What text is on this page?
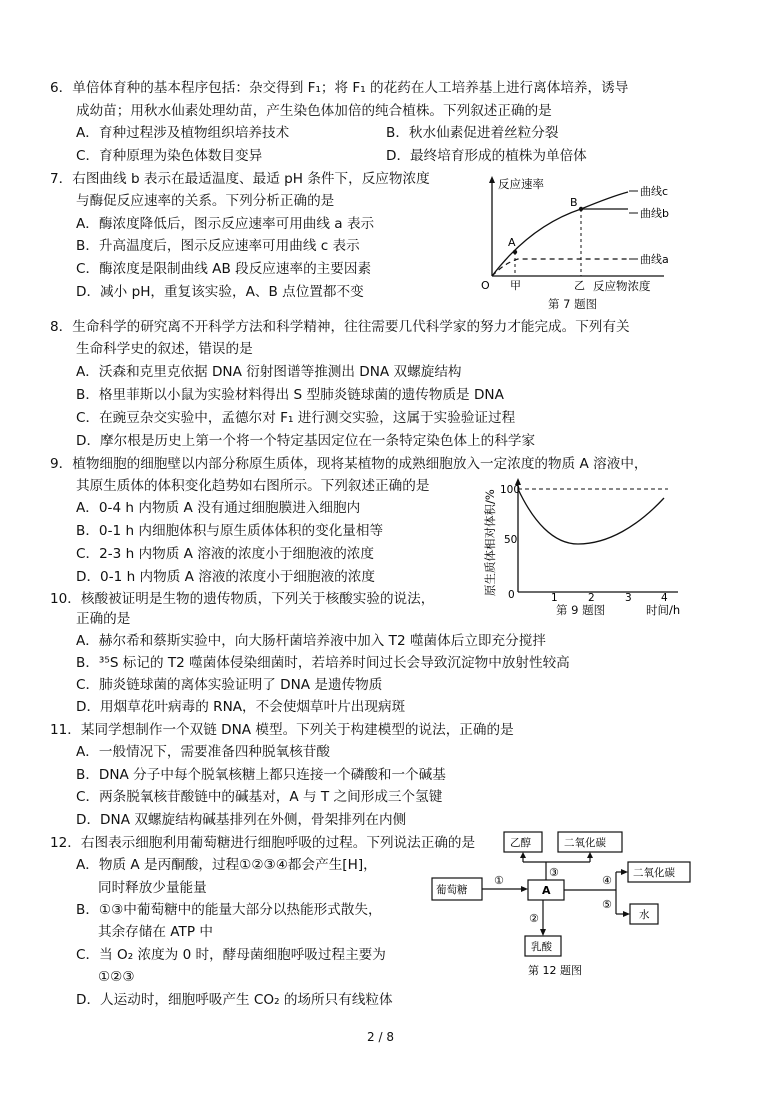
6．单倍体育种的基本程序包括：杂交得到 F₁；将 F₁ 的花药在人工培养基上进行离体培养，诱导
成幼苗；用秋水仙素处理幼苗，产生染色体加倍的纯合植株。下列叙述正确的是
A．育种过程涉及植物组织培养技术	B．秋水仙素促进着丝粒分裂
C．育种原理为染色体数目变异	D．最终培育形成的植株为单倍体
7．右图曲线 b 表示在最适温度、最适 pH 条件下，反应物浓度
与酶促反应速率的关系。下列分析正确的是
A．酶浓度降低后，图示反应速率可用曲线 a 表示
B．升高温度后，图示反应速率可用曲线 c 表示
C．酶浓度是限制曲线 AB 段反应速率的主要因素
D．减小 pH，重复该实验，A、B 点位置都不变
反应速率
O 甲	乙 反应物浓度
A
B
曲线c
曲线b
曲线a
第 7 题图
8．生命科学的研究离不开科学方法和科学精神，往往需要几代科学家的努力才能完成。下列有关
生命科学史的叙述，错误的是
A．沃森和克里克依据 DNA 衍射图谱等推测出 DNA 双螺旋结构
B．格里菲斯以小鼠为实验材料得出 S 型肺炎链球菌的遗传物质是 DNA
C．在豌豆杂交实验中，孟德尔对 F₁ 进行测交实验，这属于实验验证过程
D．摩尔根是历史上第一个将一个特定基因定位在一条特定染色体上的科学家
9．植物细胞的细胞壁以内部分称原生质体，现将某植物的成熟细胞放入一定浓度的物质 A 溶液中，
其原生质体的体积变化趋势如右图所示。下列叙述正确的是
A．0-4 h 内物质 A 没有通过细胞膜进入细胞内
B．0-1 h 内细胞体积与原生质体体积的变化量相等
C．2-3 h 内物质 A 溶液的浓度小于细胞液的浓度
D．0-1 h 内物质 A 溶液的浓度小于细胞液的浓度	原生质体相对体积/% 100
50
0	1	2	3	4
时间/h
第 9 题图
10．核酸被证明是生物的遗传物质，下列关于核酸实验的说法，
正确的是
A．赫尔希和蔡斯实验中，向大肠杆菌培养液中加入 T2 噬菌体后立即充分搅拌
B．³⁵S 标记的 T2 噬菌体侵染细菌时，若培养时间过长会导致沉淀物中放射性较高
C．肺炎链球菌的离体实验证明了 DNA 是遗传物质
D．用烟草花叶病毒的 RNA，不会使烟草叶片出现病斑
11．某同学想制作一个双链 DNA 模型。下列关于构建模型的说法，正确的是
A．一般情况下，需要准备四种脱氧核苷酸
B．DNA 分子中每个脱氧核糖上都只连接一个磷酸和一个碱基
C．两条脱氧核苷酸链中的碱基对，A 与 T 之间形成三个氢键
D．DNA 双螺旋结构碱基排列在外侧，骨架排列在内侧
12．右图表示细胞利用葡萄糖进行细胞呼吸的过程。下列说法正确的是
A．物质 A 是丙酮酸，过程①②③④都会产生[H]，
同时释放少量能量
B．①③中葡萄糖中的能量大部分以热能形式散失，
其余存储在 ATP 中
C．当 O₂ 浓度为 0 时，酵母菌细胞呼吸过程主要为
①②③
D．人运动时，细胞呼吸产生 CO₂ 的场所只有线粒体
乙醇	二氧化碳
葡萄糖	A
二氧化碳
水
乳酸
①
③
②
④
⑤
第 12 题图
2 / 8
